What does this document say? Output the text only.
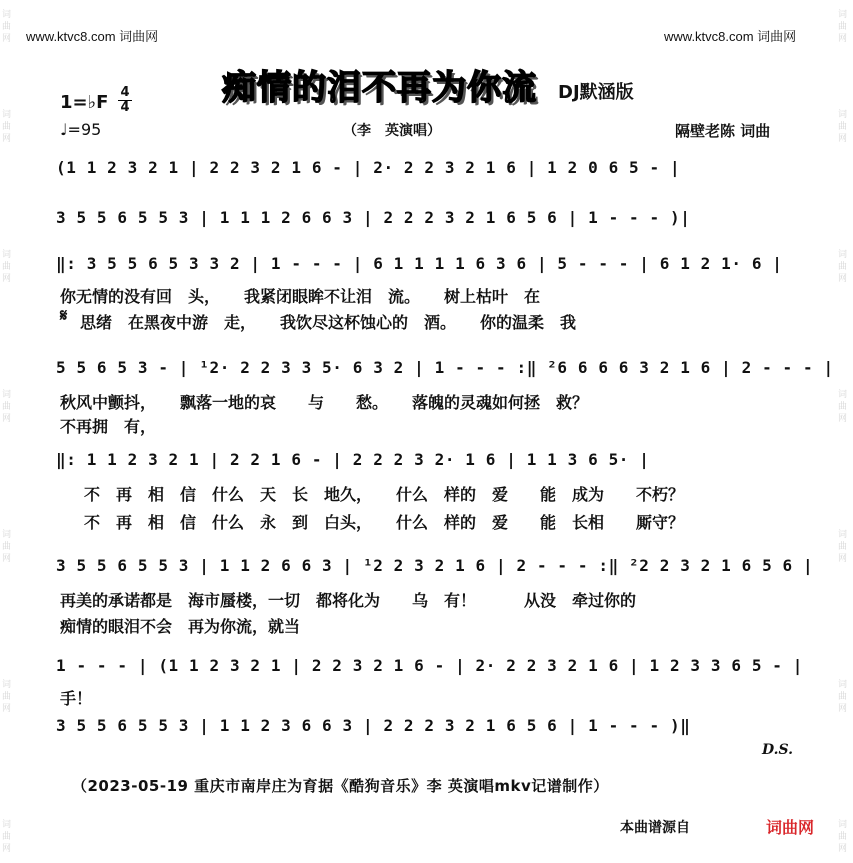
词
曲
网
词
曲
网
词
曲
网
词
曲
网
词
曲
网
词
曲
网
词
曲
网
词
曲
网
词
曲
网
词
曲
网
词
曲
网
词
曲
网
词
曲
网
词
曲
网
www.ktvc8.com 词曲网	www.ktvc8.com 词曲网
痴情的泪不再为你流 DJ默涵版
1=♭F 4
4
♩=95	（李　英演唱）	隔壁老陈 词曲
(1 1 2 3 2 1 | 2 2 3 2 1 6 - | 2· 2 2 3 2 1 6 | 1 2 0 6 5 - |
3 5 5 6 5 5 3 | 1 1 1 2 6 6 3 | 2 2 2 3 2 1 6 5 6 | 1 - - - )|
‖: 3 5 5 6 5 3 3 2 | 1 - - - | 6 1 1 1 1 6 3 6 | 5 - - - | 6 1 2 1· 6 |
你无情的没有回　头，　　我紧闭眼眸不让泪　流。　　树上枯叶　在
𝄋 思绪　在黑夜中游　走，　　我饮尽这杯蚀心的　酒。　　你的温柔　我
5 5 6 5 3 - | ¹2· 2 2 3 3 5· 6 3 2 | 1 - - - :‖ ²6 6 6 6 3 2 1 6 | 2 - - - |
秋风中颤抖，　　飘落一地的哀　　与　　愁。　　落魄的灵魂如何拯　救？
不再拥　有，
‖: 1 1 2 3 2 1 | 2 2 1 6 - | 2 2 2 3 2· 1 6 | 1 1 3 6 5· |
不　再　相　信　什么　天　长　地久，　　什么　样的　爱　　能　成为　　不朽？
不　再　相　信　什么　永　到　白头，　　什么　样的　爱　　能　长相　　厮守？
3 5 5 6 5 5 3 | 1 1 2 6 6 3 | ¹2 2 3 2 1 6 | 2 - - - :‖ ²2 2 3 2 1 6 5 6 |
再美的承诺都是　海市蜃楼，一切　都将化为　　乌　有！　　　从没　牵过你的
痴情的眼泪不会　再为你流，就当
1 - - - | (1 1 2 3 2 1 | 2 2 3 2 1 6 - | 2· 2 2 3 2 1 6 | 1 2 3 3 6 5 - |
手！
3 5 5 6 5 5 3 | 1 1 2 3 6 6 3 | 2 2 2 3 2 1 6 5 6 | 1 - - - )‖
D.S.
（2023-05-19 重庆市南岸庄为育据《酷狗音乐》李 英演唱mkv记谱制作）
本曲谱源自	词曲网
